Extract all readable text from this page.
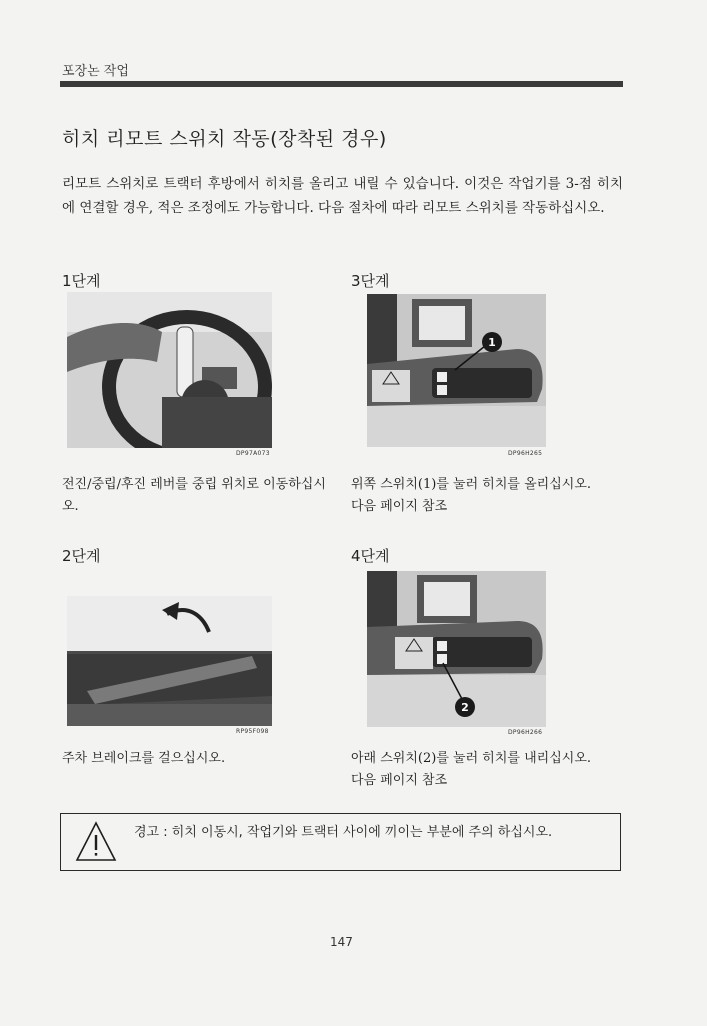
포장논 작업
히치 리모트 스위치 작동(장착된 경우)
리모트 스위치로 트랙터 후방에서 히치를 올리고 내릴 수 있습니다. 이것은 작업기를 3-점 히치에 연결할 경우, 적은 조정에도 가능합니다. 다음 절차에 따라 리모트 스위치를 작동하십시오.
1단계
DP97A073
전진/중립/후진 레버를 중립 위치로 이동하십시오.
3단계
1
DP96H265
위쪽 스위치(1)를 눌러 히치를 올리십시오.
다음 페이지 참조
2단계
RP95F098
주차 브레이크를 걸으십시오.
4단계
2
DP96H266
아래 스위치(2)를 눌러 히치를 내리십시오.
다음 페이지 참조
경고 : 히치 이동시, 작업기와 트랙터 사이에 끼이는 부분에 주의 하십시오.
147
